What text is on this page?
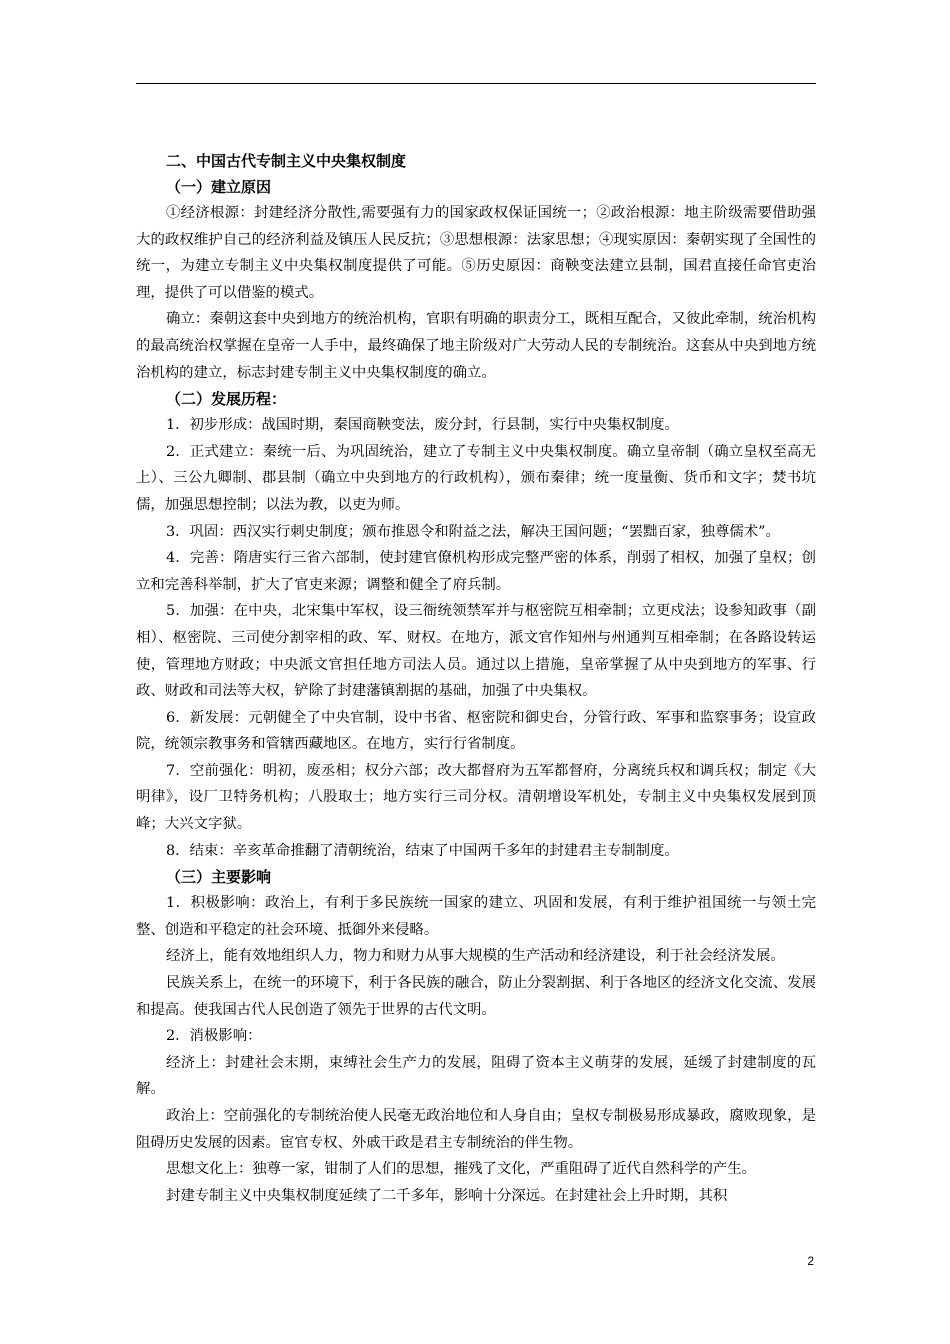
二、中国古代专制主义中央集权制度

（一）建立原因

①经济根源：封建经济分散性,需要强有力的国家政权保证国统一；②政治根源：地主阶级需要借助强大的政权维护自己的经济利益及镇压人民反抗；③思想根源：法家思想；④现实原因：秦朝实现了全国性的统一，为建立专制主义中央集权制度提供了可能。⑤历史原因：商鞅变法建立县制，国君直接任命官吏治理，提供了可以借鉴的模式。

确立：秦朝这套中央到地方的统治机构，官职有明确的职责分工，既相互配合，又彼此牵制，统治机构的最高统治权掌握在皇帝一人手中，最终确保了地主阶级对广大劳动人民的专制统治。这套从中央到地方统治机构的建立，标志封建专制主义中央集权制度的确立。

（二）发展历程：

1．初步形成：战国时期，秦国商鞅变法，废分封，行县制，实行中央集权制度。

2．正式建立：秦统一后、为巩固统治，建立了专制主义中央集权制度。确立皇帝制（确立皇权至高无上）、三公九卿制、郡县制（确立中央到地方的行政机构），颁布秦律；统一度量衡、货币和文字；焚书坑儒，加强思想控制；以法为教，以吏为师。

3．巩固：西汉实行刺史制度；颁布推恩令和附益之法，解决王国问题；“罢黜百家，独尊儒术”。

4．完善：隋唐实行三省六部制，使封建官僚机构形成完整严密的体系，削弱了相权，加强了皇权；创立和完善科举制，扩大了官吏来源；调整和健全了府兵制。

5．加强：在中央，北宋集中军权，设三衙统领禁军并与枢密院互相牵制；立更戍法；设参知政事（副相）、枢密院、三司使分割宰相的政、军、财权。在地方，派文官作知州与州通判互相牵制；在各路设转运使，管理地方财政；中央派文官担任地方司法人员。通过以上措施，皇帝掌握了从中央到地方的军事、行政、财政和司法等大权，铲除了封建藩镇割据的基础，加强了中央集权。

6．新发展：元朝健全了中央官制，设中书省、枢密院和御史台，分管行政、军事和监察事务；设宣政院，统领宗教事务和管辖西藏地区。在地方，实行行省制度。

7．空前强化：明初，废丞相；权分六部；改大都督府为五军都督府，分离统兵权和调兵权；制定《大明律》，设厂卫特务机构；八股取士；地方实行三司分权。清朝增设军机处，专制主义中央集权发展到顶峰；大兴文字狱。

8．结束：辛亥革命推翻了清朝统治，结束了中国两千多年的封建君主专制制度。

（三）主要影响

1．积极影响：政治上，有利于多民族统一国家的建立、巩固和发展，有利于维护祖国统一与领土完整、创造和平稳定的社会环境、抵御外来侵略。

经济上，能有效地组织人力，物力和财力从事大规模的生产活动和经济建设，利于社会经济发展。

民族关系上，在统一的环境下，利于各民族的融合，防止分裂割据、利于各地区的经济文化交流、发展和提高。使我国古代人民创造了领先于世界的古代文明。

2．消极影响：

经济上：封建社会末期，束缚社会生产力的发展，阻碍了资本主义萌芽的发展，延缓了封建制度的瓦解。

政治上：空前强化的专制统治使人民毫无政治地位和人身自由；皇权专制极易形成暴政，腐败现象，是阻碍历史发展的因素。宦官专权、外戚干政是君主专制统治的伴生物。

思想文化上：独尊一家，钳制了人们的思想，摧残了文化，严重阻碍了近代自然科学的产生。

封建专制主义中央集权制度延续了二千多年，影响十分深远。在封建社会上升时期，其积

2
